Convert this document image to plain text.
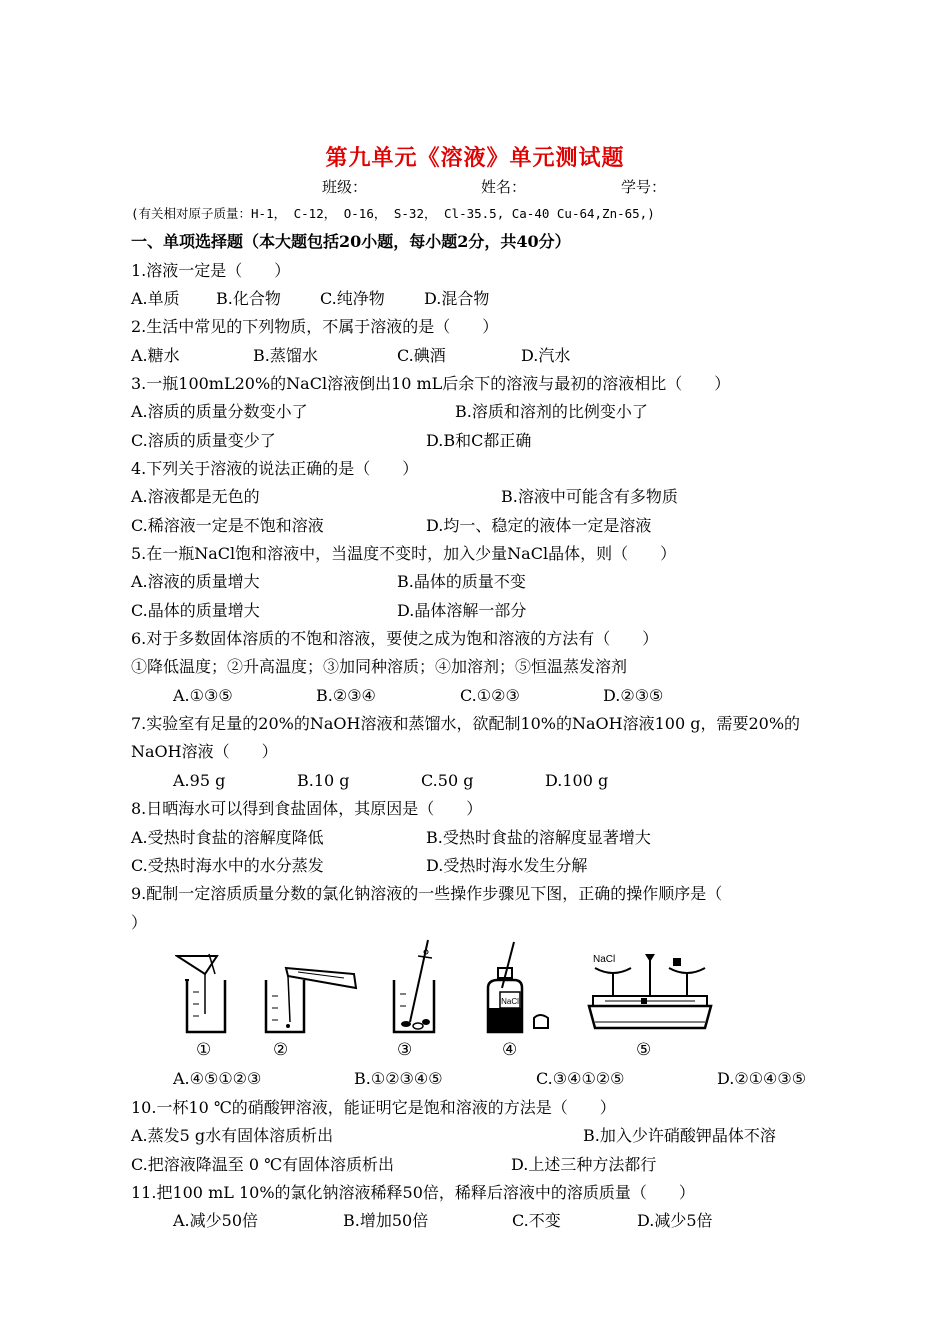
第九单元《溶液》单元测试题
班级：	姓名：	学号：
(有关相对原子质量：H-1， C-12， O-16， S-32， Cl-35.5, Ca-40 Cu-64,Zn-65,)
一、单项选择题（本大题包括20小题，每小题2分，共40分）
1.溶液一定是（　　）
A.单质 B.化合物 C.纯净物 D.混合物
2.生活中常见的下列物质，不属于溶液的是（　　）
A.糖水	B.蒸馏水	C.碘酒	D.汽水
3.一瓶100mL20%的NaCl溶液倒出10 mL后余下的溶液与最初的溶液相比（　　）
A.溶质的质量分数变小了	B.溶质和溶剂的比例变小了
C.溶质的质量变少了	D.B和C都正确
4.下列关于溶液的说法正确的是（　　）
A.溶液都是无色的	B.溶液中可能含有多物质
C.稀溶液一定是不饱和溶液	D.均一、稳定的液体一定是溶液
5.在一瓶NaCl饱和溶液中，当温度不变时，加入少量NaCl晶体，则（　　）
A.溶液的质量增大	B.晶体的质量不变
C.晶体的质量增大	D.晶体溶解一部分
6.对于多数固体溶质的不饱和溶液，要使之成为饱和溶液的方法有（　　）
①降低温度；②升高温度；③加同种溶质；④加溶剂；⑤恒温蒸发溶剂
A.①③⑤	B.②③④	C.①②③	D.②③⑤
7.实验室有足量的20%的NaOH溶液和蒸馏水，欲配制10%的NaOH溶液100 g，需要20%的
NaOH溶液（　　）
A.95 g	B.10 g	C.50 g	D.100 g
8.日晒海水可以得到食盐固体，其原因是（　　）
A.受热时食盐的溶解度降低	B.受热时食盐的溶解度显著增大
C.受热时海水中的水分蒸发	D.受热时海水发生分解
9.配制一定溶质质量分数的氯化钠溶液的一些操作步骤见下图，正确的操作顺序是（
）
NaCl
NaCl
①	②	③	④	⑤
A.④⑤①②③	B.①②③④⑤	C.③④①②⑤	D.②①④③⑤
10.一杯10 ℃的硝酸钾溶液，能证明它是饱和溶液的方法是（　　）
A.蒸发5 g水有固体溶质析出	B.加入少许硝酸钾晶体不溶
C.把溶液降温至 0 ℃有固体溶质析出	D.上述三种方法都行
11.把100 mL 10%的氯化钠溶液稀释50倍，稀释后溶液中的溶质质量（　　）
A.减少50倍	B.增加50倍	C.不变	D.减少5倍
